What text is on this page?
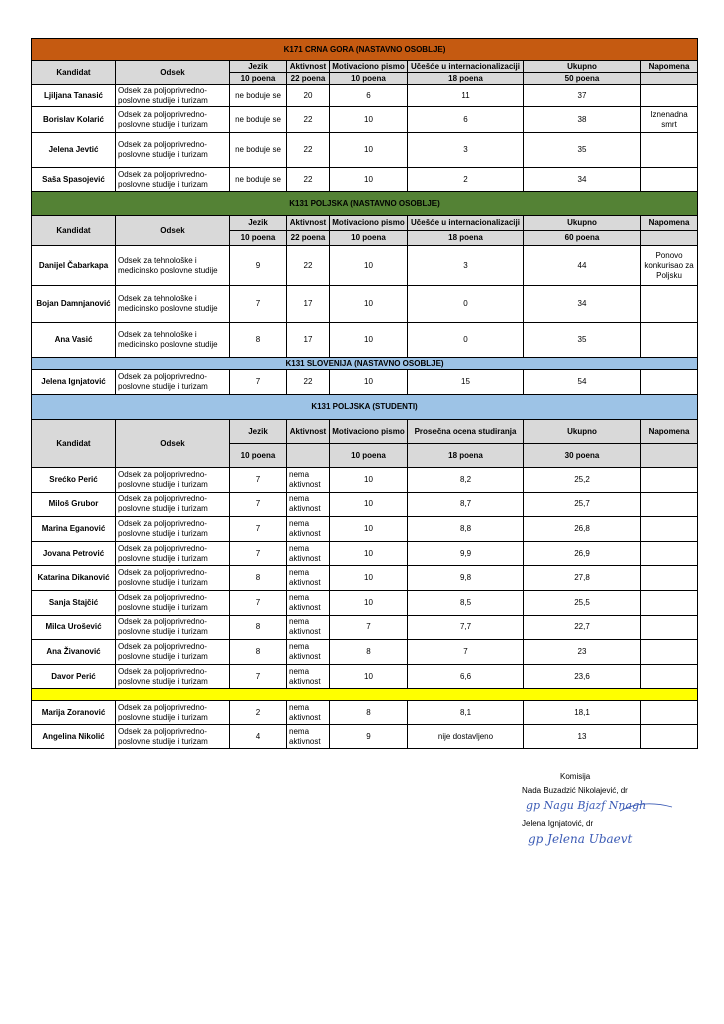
K171 CRNA GORA (NASTAVNO OSOBLJE)							
Kandidat	Odsek	Jezik	Aktivnost	Motivaciono pismo	Učešće u internacionalizaciji	Ukupno	Napomena
		10 poena	22 poena	10 poena	18 poena	50 poena	
Ljiljana Tanasić	Odsek za poljoprivredno-poslovne studije i turizam	ne boduje se	20	6	11	37	
Borislav Kolarić	Odsek za poljoprivredno-poslovne studije i turizam	ne boduje se	22	10	6	38	Iznenadna smrt
Jelena Jevtić	Odsek za poljoprivredno-poslovne studije i turizam	ne boduje se	22	10	3	35	
Saša Spasojević	Odsek za poljoprivredno-poslovne studije i turizam	ne boduje se	22	10	2	34	
K131 POLJSKA (NASTAVNO OSOBLJE)							
Kandidat	Odsek	Jezik	Aktivnost	Motivaciono pismo	Učešće u internacionalizaciji	Ukupno	Napomena
		10 poena	22 poena	10 poena	18 poena	60 poena	
Danijel Čabarkapa	Odsek za tehnološke i medicinsko poslovne studije	9	22	10	3	44	Ponovo konkurisao za Poljsku
Bojan Damnjanović	Odsek za tehnološke i medicinsko poslovne studije	7	17	10	0	34	
Ana Vasić	Odsek za tehnološke i medicinsko poslovne studije	8	17	10	0	35	
K131 SLOVENIJA (NASTAVNO OSOBLJE)							
Jelena Ignjatović	Odsek za poljoprivredno-poslovne studije i turizam	7	22	10	15	54	
K131 POLJSKA (STUDENTI)							
Kandidat	Odsek	Jezik	Aktivnost	Motivaciono pismo	Prosečna ocena studiranja	Ukupno	Napomena
		10 poena		10 poena	18 poena	30 poena	
Srećko Perić	Odsek za poljoprivredno-poslovne studije i turizam	7	nema aktivnost	10	8,2	25,2	
Miloš Grubor	Odsek za poljoprivredno-poslovne studije i turizam	7	nema aktivnost	10	8,7	25,7	
Marina Eganović	Odsek za poljoprivredno-poslovne studije i turizam	7	nema aktivnost	10	8,8	26,8	
Jovana Petrović	Odsek za poljoprivredno-poslovne studije i turizam	7	nema aktivnost	10	9,9	26,9	
Katarina Dikanović	Odsek za poljoprivredno-poslovne studije i turizam	8	nema aktivnost	10	9,8	27,8	
Sanja Stajčić	Odsek za poljoprivredno-poslovne studije i turizam	7	nema aktivnost	10	8,5	25,5	
Milca Urošević	Odsek za poljoprivredno-poslovne studije i turizam	8	nema aktivnost	7	7,7	22,7	
Ana Živanović	Odsek za poljoprivredno-poslovne studije i turizam	8	nema aktivnost	8	7	23	
Davor Perić	Odsek za poljoprivredno-poslovne studije i turizam	7	nema aktivnost	10	6,6	23,6	

Marija Zoranović	Odsek za poljoprivredno-poslovne studije i turizam	2	nema aktivnost	8	8,1	18,1	
Angelina Nikolić	Odsek za poljoprivredno-poslovne studije i turizam	4	nema aktivnost	9	nije dostavljeno	13	
Komisija
Nada Buzadzić Nikolajević, dr
gp Nagu Bjazf Nnagh
Jelena Ignjatović, dr
gp Jelena Ubaevt
